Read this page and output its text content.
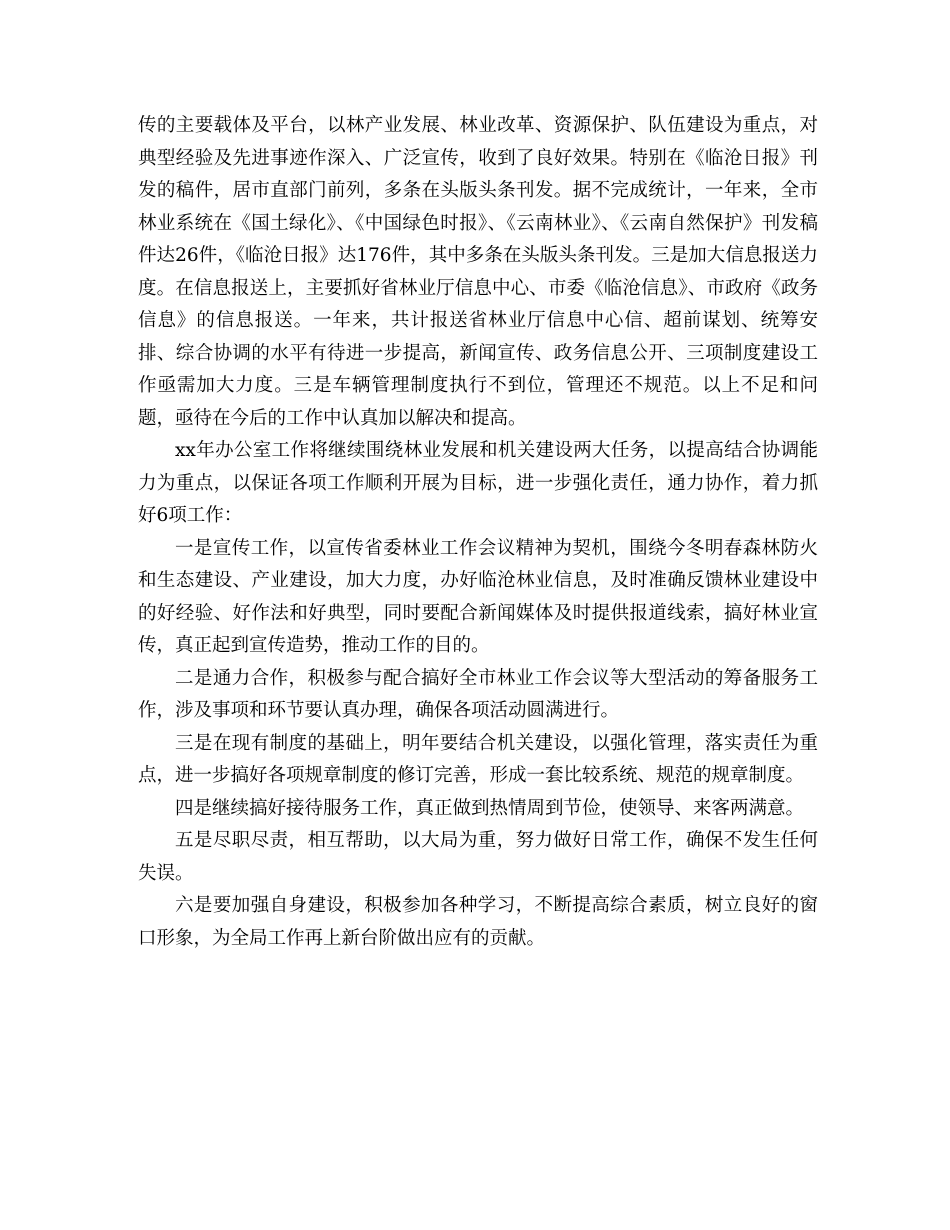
传的主要载体及平台，以林产业发展、林业改革、资源保护、队伍建设为重点，对典型经验及先进事迹作深入、广泛宣传，收到了良好效果。特别在《临沧日报》刊发的稿件，居市直部门前列，多条在头版头条刊发。据不完成统计，一年来，全市林业系统在《国土绿化》、《中国绿色时报》、《云南林业》、《云南自然保护》刊发稿件达26件，《临沧日报》达176件，其中多条在头版头条刊发。三是加大信息报送力度。在信息报送上，主要抓好省林业厅信息中心、市委《临沧信息》、市政府《政务信息》的信息报送。一年来，共计报送省林业厅信息中心信、超前谋划、统筹安排、综合协调的水平有待进一步提高，新闻宣传、政务信息公开、三项制度建设工作亟需加大力度。三是车辆管理制度执行不到位，管理还不规范。以上不足和问题，亟待在今后的工作中认真加以解决和提高。

xx年办公室工作将继续围绕林业发展和机关建设两大任务，以提高结合协调能力为重点，以保证各项工作顺利开展为目标，进一步强化责任，通力协作，着力抓好6项工作：

一是宣传工作，以宣传省委林业工作会议精神为契机，围绕今冬明春森林防火和生态建设、产业建设，加大力度，办好临沧林业信息，及时准确反馈林业建设中的好经验、好作法和好典型，同时要配合新闻媒体及时提供报道线索，搞好林业宣传，真正起到宣传造势，推动工作的目的。

二是通力合作，积极参与配合搞好全市林业工作会议等大型活动的筹备服务工作，涉及事项和环节要认真办理，确保各项活动圆满进行。

三是在现有制度的基础上，明年要结合机关建设，以强化管理，落实责任为重点，进一步搞好各项规章制度的修订完善，形成一套比较系统、规范的规章制度。

四是继续搞好接待服务工作，真正做到热情周到节俭，使领导、来客两满意。

五是尽职尽责，相互帮助，以大局为重，努力做好日常工作，确保不发生任何失误。

六是要加强自身建设，积极参加各种学习，不断提高综合素质，树立良好的窗口形象，为全局工作再上新台阶做出应有的贡献。
